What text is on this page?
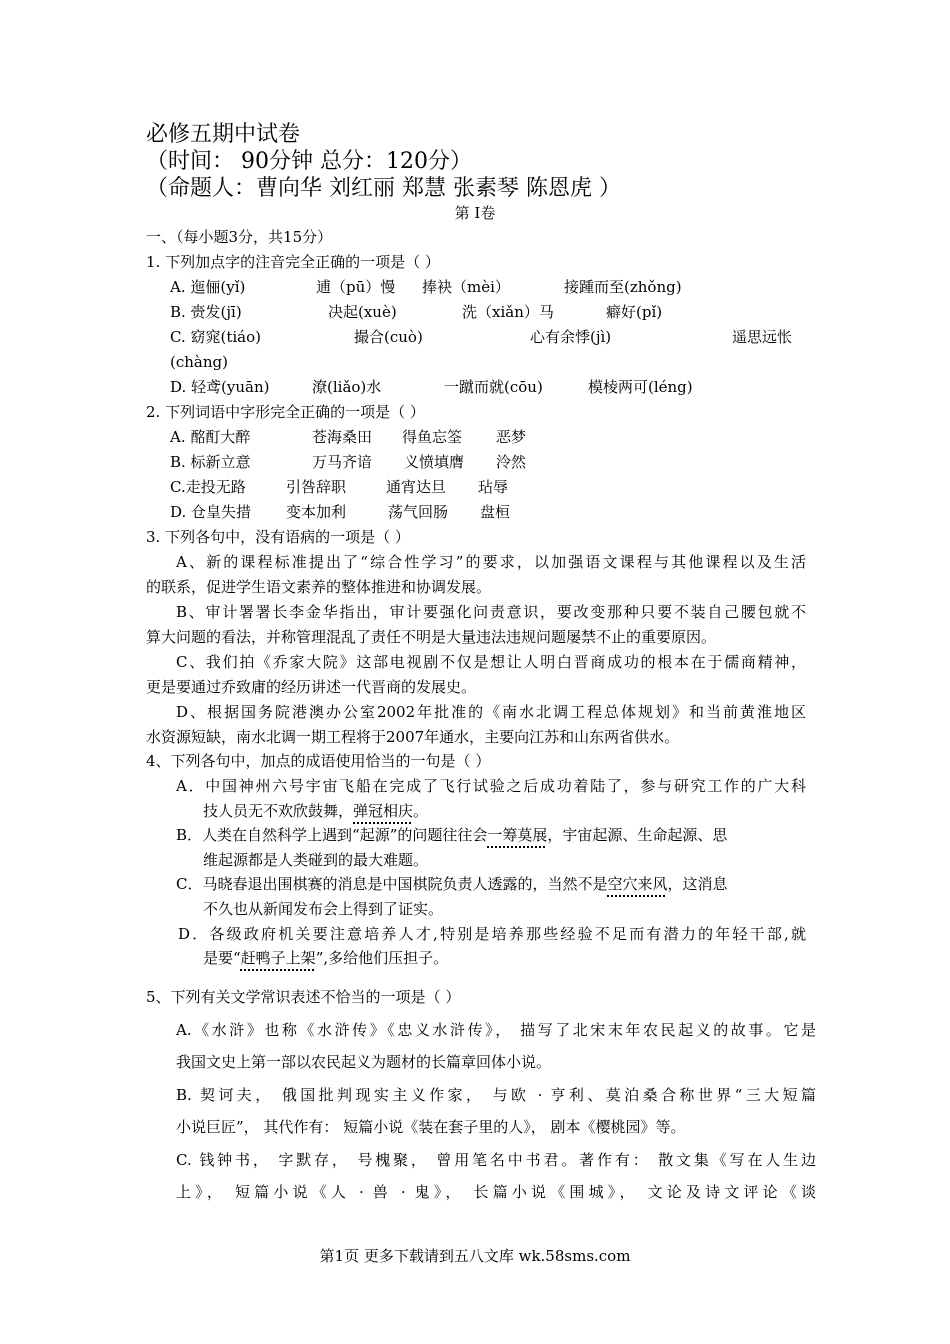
必修五期中试卷
（时间： 90分钟 总分：120分）
（命题人：曹向华 刘红丽 郑慧 张素琴 陈恩虎 ）
第 I卷
一、（每小题3分，共15分）
1. 下列加点字的注音完全正确的一项是（ ）
A. 迤俪(yǐ)	逋（pū）慢 捧袂（mèi）	接踵而至(zhǒng)
B. 赍发(jī)	决起(xuè)	洗（xiǎn）马	癖好(pǐ)
C. 窈窕(tiáo)	撮合(cuò)	心有余悸(jì)	遥思远怅
(chàng)
D. 轻鸢(yuān)	潦(liǎo)水	一蹴而就(cōu)	模棱两可(léng)
2. 下列词语中字形完全正确的一项是（ ）
A. 酩酊大醉	苍海桑田 得鱼忘筌 恶梦
B. 标新立意	万马齐谙 义愤填膺 泠然
C.走投无路	引咎辞职	通宵达旦 玷辱
D. 仓皇失措 变本加利	荡气回肠 盘桓
3. 下列各句中，没有语病的一项是（ ）
A、新的课程标准提出了“综合性学习”的要求，以加强语文课程与其他课程以及生活
的联系，促进学生语文素养的整体推进和协调发展。
B、审计署署长李金华指出，审计要强化问责意识，要改变那种只要不装自己腰包就不
算大问题的看法，并称管理混乱了责任不明是大量违法违规问题屡禁不止的重要原因。
C、我们拍《乔家大院》这部电视剧不仅是想让人明白晋商成功的根本在于儒商精神，
更是要通过乔致庸的经历讲述一代晋商的发展史。
D、根据国务院港澳办公室2002年批准的《南水北调工程总体规划》和当前黄淮地区
水资源短缺，南水北调一期工程将于2007年通水，主要向江苏和山东两省供水。
4、下列各句中，加点的成语使用恰当的一句是（ ）
A．中国神州六号宇宙飞船在完成了飞行试验之后成功着陆了，参与研究工作的广大科
技人员无不欢欣鼓舞，弹冠相庆。
B．人类在自然科学上遇到“起源”的问题往往会一筹莫展，宇宙起源、生命起源、思
维起源都是人类碰到的最大难题。
C．马晓春退出围棋赛的消息是中国棋院负责人透露的，当然不是空穴来风，这消息
不久也从新闻发布会上得到了证实。
D．各级政府机关要注意培养人才,特别是培养那些经验不足而有潜力的年轻干部,就
是要“赶鸭子上架”,多给他们压担子。
5、下列有关文学常识表述不恰当的一项是（ ）
A.《水浒》也称《水浒传》《忠义水浒传》， 描写了北宋末年农民起义的故事。它是
我国文史上第一部以农民起义为题材的长篇章回体小说。
B. 契诃夫， 俄国批判现实主义作家， 与欧 · 亨利、莫泊桑合称世界“三大短篇
小说巨匠”， 其代作有： 短篇小说《装在套子里的人》， 剧本《樱桃园》等。
C. 钱钟书， 字默存， 号槐聚， 曾用笔名中书君。著作有： 散文集《写在人生边
上》， 短篇小说《人 · 兽 · 鬼》， 长篇小说《围城》， 文论及诗文评论《谈
第1页 更多下载请到五八文库 wk.58sms.com
